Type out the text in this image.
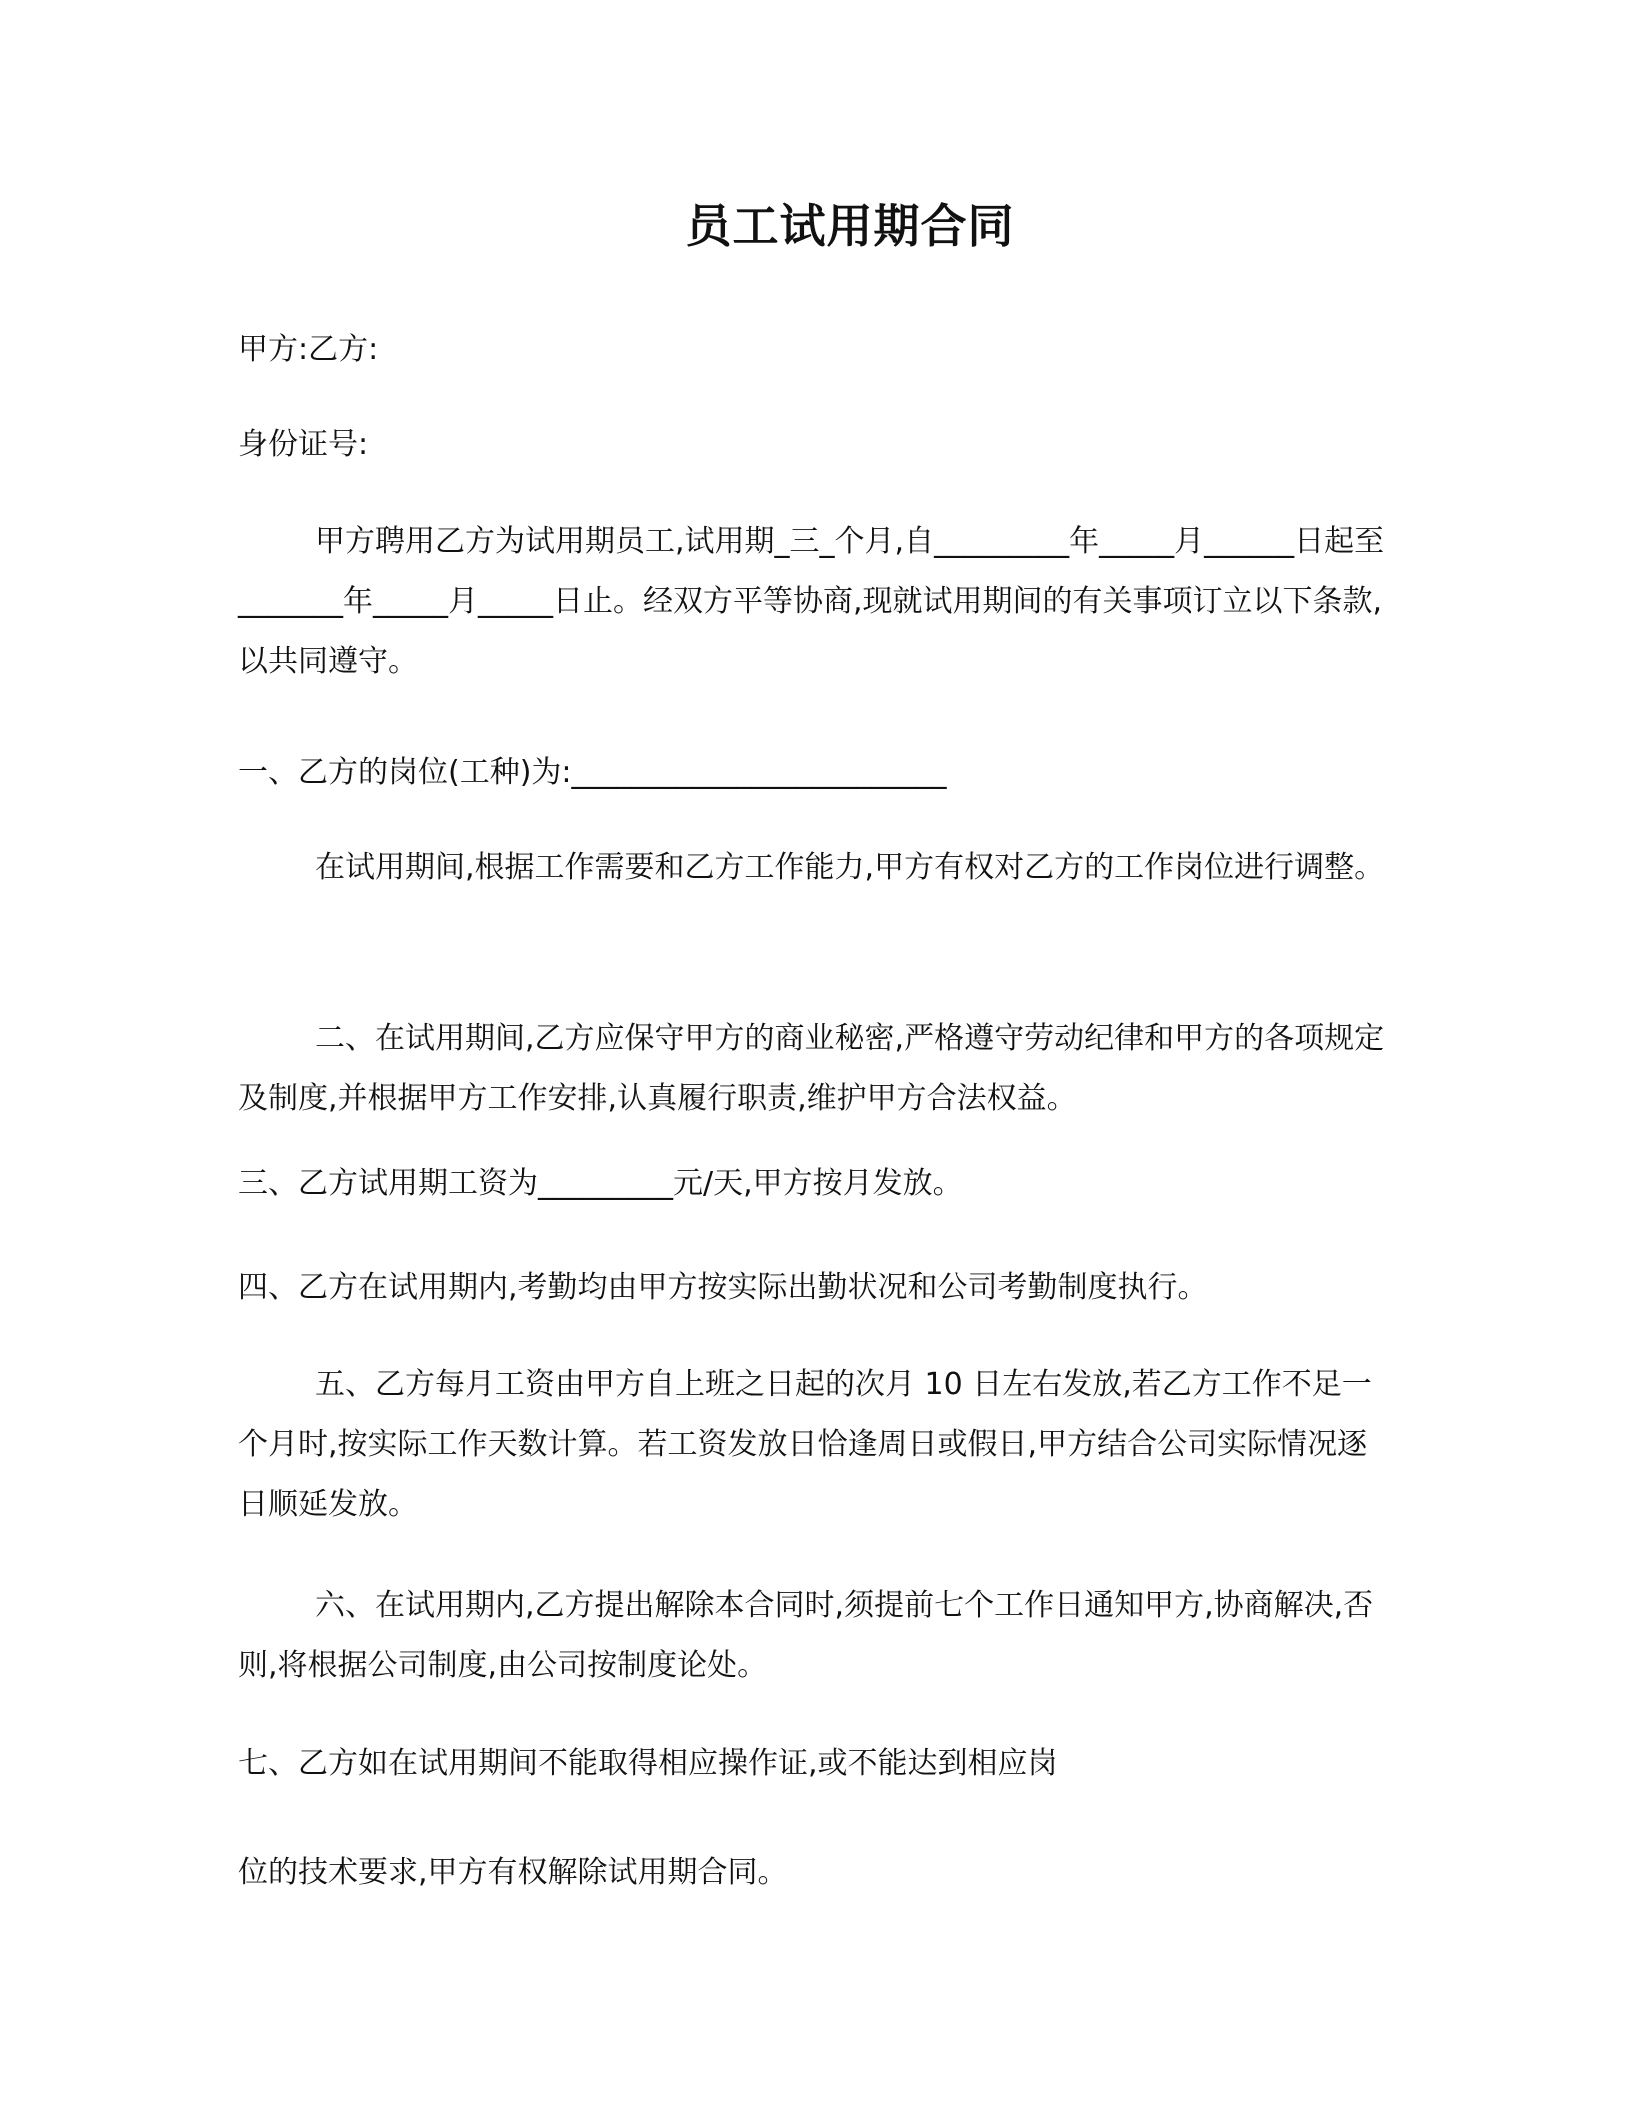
员工试用期合同
甲方:乙方:
身份证号:
甲方聘用乙方为试用期员工,试用期_三_个月,自_________年_____月______日起至_______年_____月_____日止。经双方平等协商,现就试用期间的有关事项订立以下条款,以共同遵守。
一、乙方的岗位(工种)为:_________________________
在试用期间,根据工作需要和乙方工作能力,甲方有权对乙方的工作岗位进行调整。
二、在试用期间,乙方应保守甲方的商业秘密,严格遵守劳动纪律和甲方的各项规定及制度,并根据甲方工作安排,认真履行职责,维护甲方合法权益。
三、乙方试用期工资为_________元/天,甲方按月发放。
四、乙方在试用期内,考勤均由甲方按实际出勤状况和公司考勤制度执行。
五、乙方每月工资由甲方自上班之日起的次月 10 日左右发放,若乙方工作不足一个月时,按实际工作天数计算。若工资发放日恰逢周日或假日,甲方结合公司实际情况逐日顺延发放。
六、在试用期内,乙方提出解除本合同时,须提前七个工作日通知甲方,协商解决,否则,将根据公司制度,由公司按制度论处。
七、乙方如在试用期间不能取得相应操作证,或不能达到相应岗
位的技术要求,甲方有权解除试用期合同。
